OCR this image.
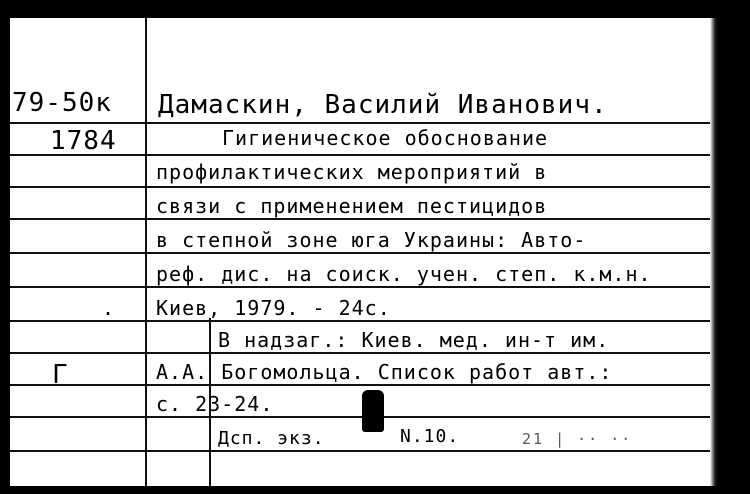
79-50к
1784
Г
.
Дамаскин, Василий Иванович.
Гигиеническое обоснование
профилактических мероприятий в
связи с применением пестицидов
в степной зоне юга Украины: Авто-
реф. дис. на соиск. учен. степ. к.м.н.
Киев, 1979. - 24с.
В надзаг.: Киев. мед. ин-т им.
А.А. Богомольца. Список работ авт.:
с. 23-24.
Дсп. экз.	N.10.	21 | ·· ··
